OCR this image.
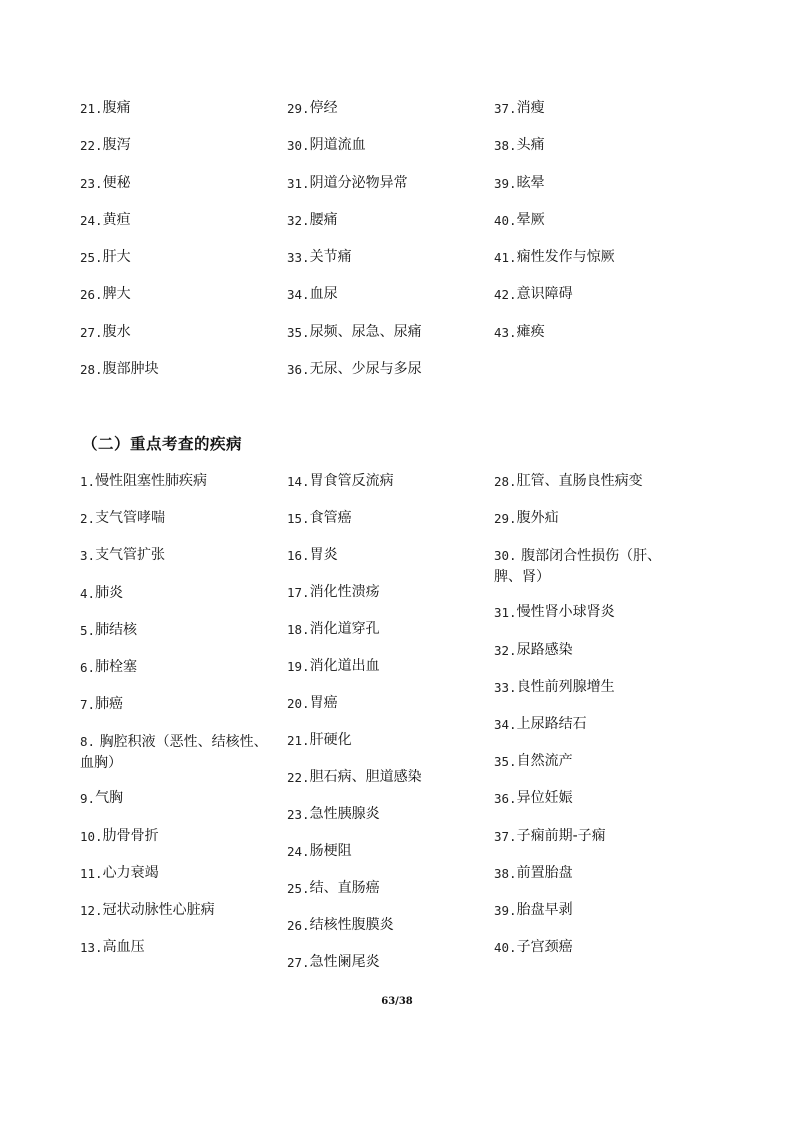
21. 腹痛
22. 腹泻
23. 便秘
24. 黄疸
25. 肝大
26. 脾大
27. 腹水
28. 腹部肿块
29. 停经
30. 阴道流血
31. 阴道分泌物异常
32. 腰痛
33. 关节痛
34. 血尿
35. 尿频、尿急、尿痛
36. 无尿、少尿与多尿
37. 消瘦
38. 头痛
39. 眩晕
40. 晕厥
41. 痫性发作与惊厥
42. 意识障碍
43. 瘫痪
（二）重点考查的疾病
1. 慢性阻塞性肺疾病
2. 支气管哮喘
3. 支气管扩张
4. 肺炎
5. 肺结核
6. 肺栓塞
7. 肺癌
8. 胸腔积液（恶性、结核性、血胸）
9. 气胸
10. 肋骨骨折
11. 心力衰竭
12. 冠状动脉性心脏病
13. 高血压
14. 胃食管反流病
15. 食管癌
16. 胃炎
17. 消化性溃疡
18. 消化道穿孔
19. 消化道出血
20. 胃癌
21. 肝硬化
22. 胆石病、胆道感染
23. 急性胰腺炎
24. 肠梗阻
25. 结、直肠癌
26. 结核性腹膜炎
27. 急性阑尾炎
28. 肛管、直肠良性病变
29. 腹外疝
30. 腹部闭合性损伤（肝、脾、肾）
31. 慢性肾小球肾炎
32. 尿路感染
33. 良性前列腺增生
34. 上尿路结石
35. 自然流产
36. 异位妊娠
37. 子痫前期-子痫
38. 前置胎盘
39. 胎盘早剥
40. 子宫颈癌
63/38
